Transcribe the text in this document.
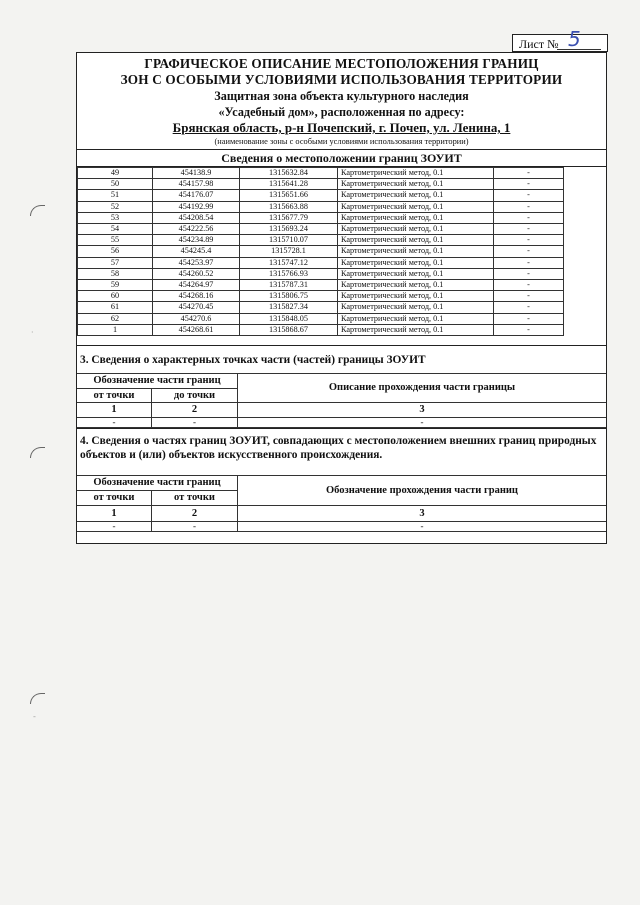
·
-
Лист № 5
ГРАФИЧЕСКОЕ ОПИСАНИЕ МЕСТОПОЛОЖЕНИЯ ГРАНИЦ
ЗОН С ОСОБЫМИ УСЛОВИЯМИ ИСПОЛЬЗОВАНИЯ ТЕРРИТОРИИ
Защитная зона объекта культурного наследия
«Усадебный дом», расположенная по адресу:
Брянская область, р-н Почепский, г. Почеп, ул. Ленина, 1
(наименование зоны с особыми условиями использования территории)
Сведения о местоположении границ ЗОУИТ
49	454138.9	1315632.84	Картометрический метод, 0.1	-
50	454157.98	1315641.28	Картометрический метод, 0.1	-
51	454176.07	1315651.66	Картометрический метод, 0.1	-
52	454192.99	1315663.88	Картометрический метод, 0.1	-
53	454208.54	1315677.79	Картометрический метод, 0.1	-
54	454222.56	1315693.24	Картометрический метод, 0.1	-
55	454234.89	1315710.07	Картометрический метод, 0.1	-
56	454245.4	1315728.1	Картометрический метод, 0.1	-
57	454253.97	1315747.12	Картометрический метод, 0.1	-
58	454260.52	1315766.93	Картометрический метод, 0.1	-
59	454264.97	1315787.31	Картометрический метод, 0.1	-
60	454268.16	1315806.75	Картометрический метод, 0.1	-
61	454270.45	1315827.34	Картометрический метод, 0.1	-
62	454270.6	1315848.05	Картометрический метод, 0.1	-
1	454268.61	1315868.67	Картометрический метод, 0.1	-
3. Сведения о характерных точках части (частей) границы ЗОУИТ
Обозначение части границ		Описание прохождения части границы
от точки	до точки	
1	2	3
-	-	-
4. Сведения о частях границ ЗОУИТ, совпадающих с местоположением внешних границ природных объектов и (или) объектов искусственного происхождения.
Обозначение части границ		Обозначение прохождения части границ
от точки	от точки	
1	2	3
-	-	-
